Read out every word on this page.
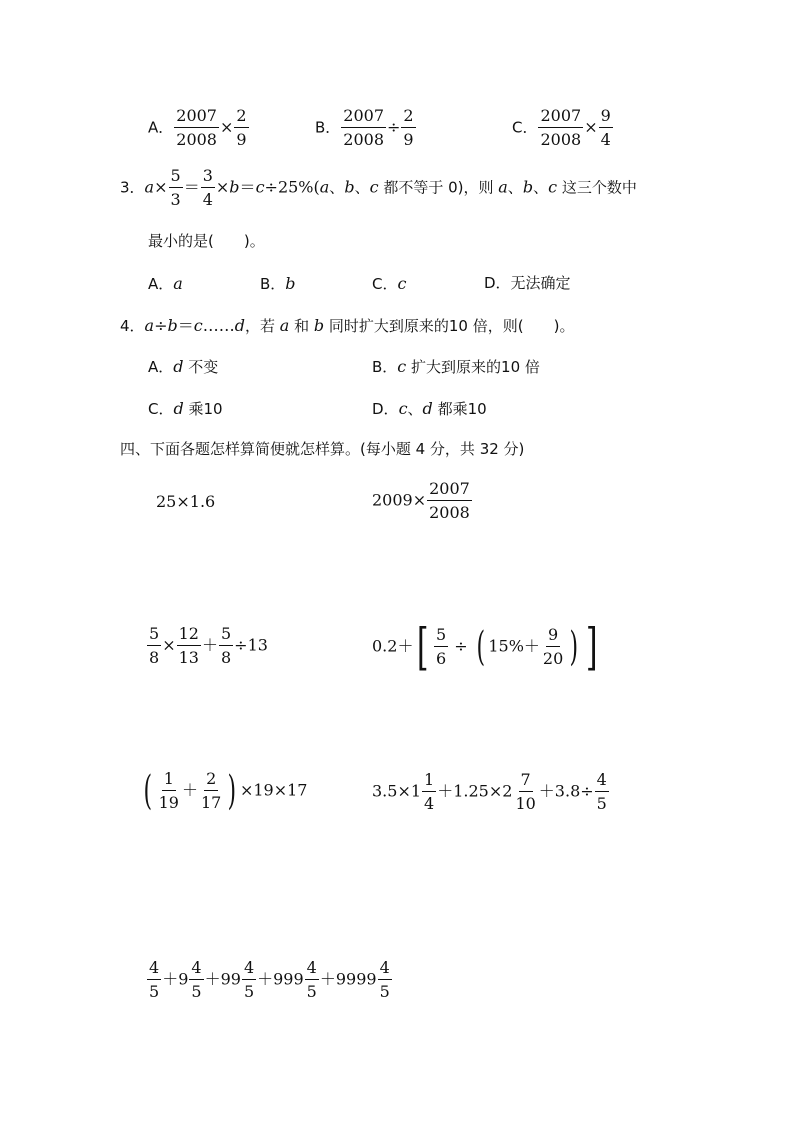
A． $\frac{2007}{2008} \times \frac{2}{9}$	B． $\frac{2007}{2008} \div \frac{2}{9}$	C． $\frac{2007}{2008} \times \frac{9}{4}$
3．$a\times \frac{5}{3} = \frac{3}{4} \times b=c\div 25\%(a$、b、c 都不等于 0)，则 a、b、c 这三个数中
最小的是( )。
A．a	B．b	C．c	D．无法确定
4．a÷b＝c……d，若 a 和 b 同时扩大到原来的10 倍，则( )。
A．d 不变	B．c 扩大到原来的10 倍
C．d 乘10	D．c、d 都乘10
四、下面各题怎样算简便就怎样算。(每小题 4 分，共 32 分)
25×1.6	$2009\times \frac{2007}{2008}$
$\frac{5}{8} \times \frac{12}{13} + \frac{5}{8} \div 13$	$0.2+[ \frac{5}{6}$ ÷ ( $15\%+ \frac{9}{20}$ ) ]
( $\frac{1}{19} + \frac{2}{17}$ ) ×19×17	$3.5\times 1 \frac{1}{4} +1.25\times 2 \frac{7}{10} +3.8\div \frac{4}{5}$
$\frac{4}{5} +9 \frac{4}{5} +99 \frac{4}{5} +999 \frac{4}{5} +9999 \frac{4}{5}$
